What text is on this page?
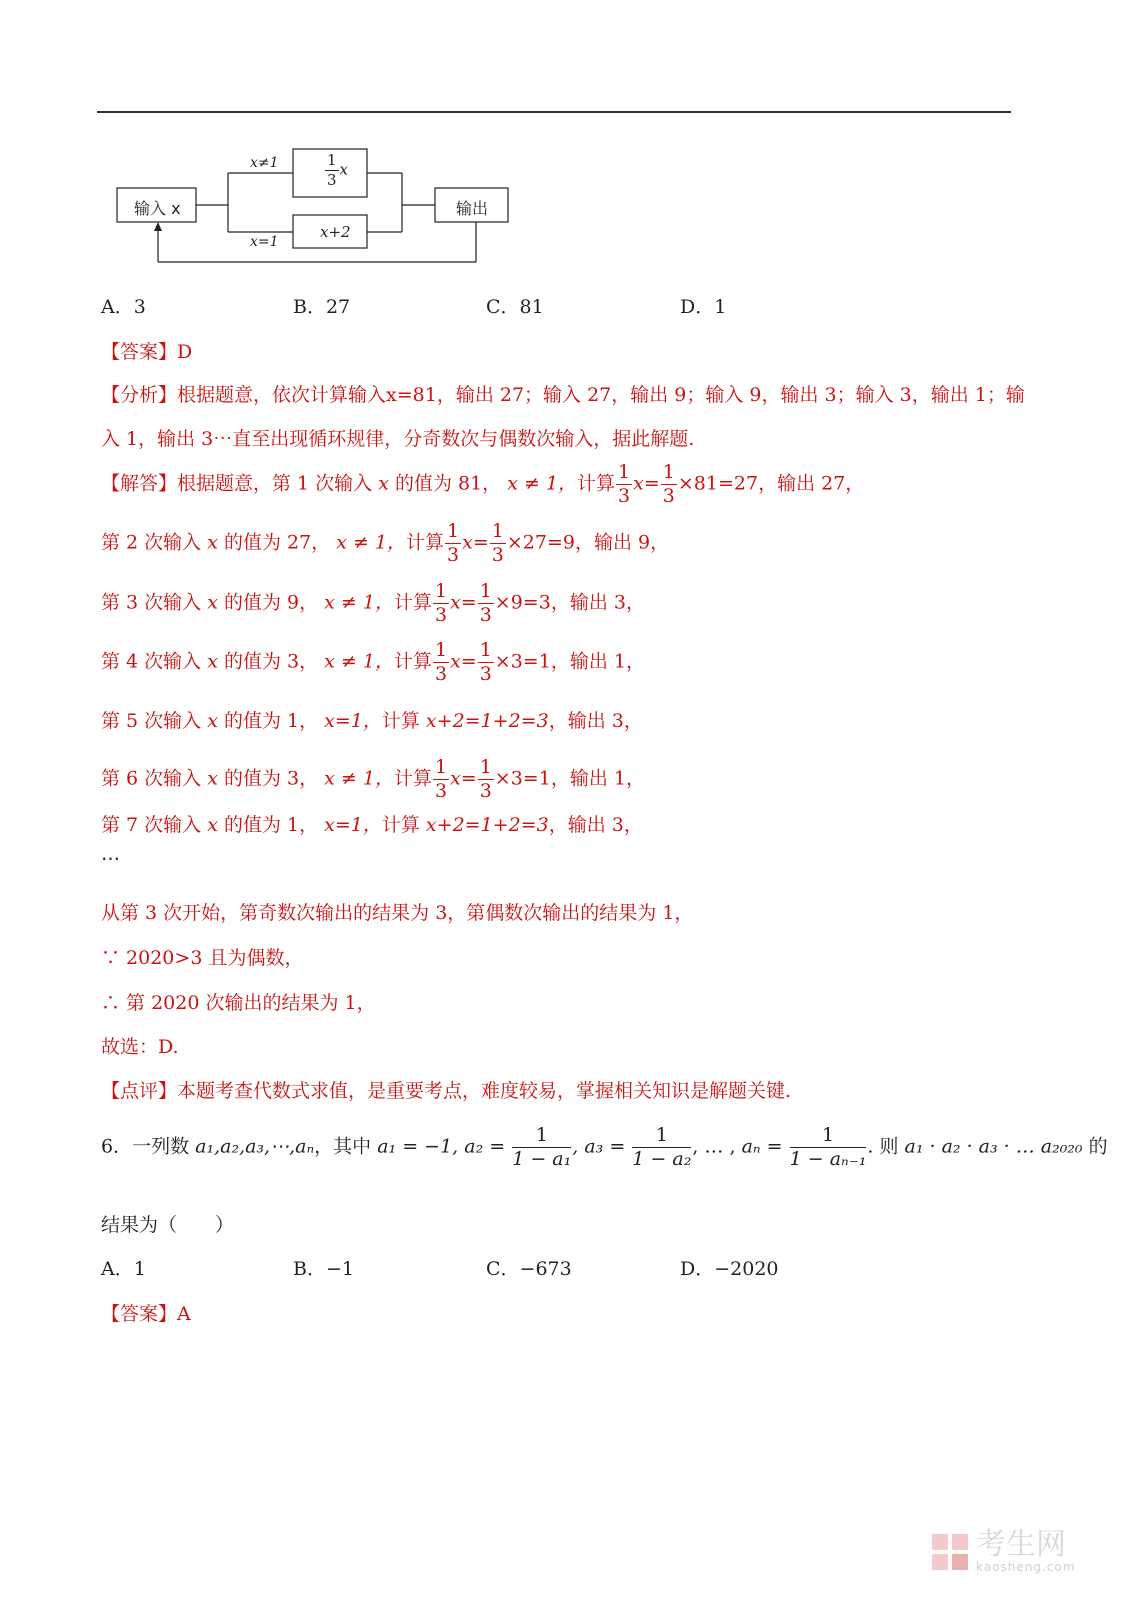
输入 x	输出
x≠1
x=1
$\frac{1}{3}$ x
x+2
A．3	B．27	C．81	D．1
【答案】D
【分析】根据题意，依次计算输入x=81，输出 27；输入 27，输出 9；输入 9，输出 3；输入 3，输出 1；输
入 1，输出 3⋯直至出现循环规律，分奇数次与偶数次输入，据此解题.
【解答】根据题意，第 1 次输入 x 的值为 81， x ≠ 1，计算 $\frac{1}{3} x= \frac{1}{3} \times 81=27$，输出 27，
第 2 次输入 x 的值为 27， x ≠ 1，计算 $\frac{1}{3} x= \frac{1}{3} \times 27=9$，输出 9，
第 3 次输入 x 的值为 9， x ≠ 1，计算 $\frac{1}{3} x= \frac{1}{3} \times 9=3$，输出 3，
第 4 次输入 x 的值为 3， x ≠ 1，计算 $\frac{1}{3} x= \frac{1}{3} \times 3=1$，输出 1，
第 5 次输入 x 的值为 1， x=1，计算 x+2=1+2=3，输出 3，
第 6 次输入 x 的值为 3， x ≠ 1，计算 $\frac{1}{3} x= \frac{1}{3} \times 3=1$，输出 1，
第 7 次输入 x 的值为 1， x=1，计算 x+2=1+2=3，输出 3，
⋯
从第 3 次开始，第奇数次输出的结果为 3，第偶数次输出的结果为 1，
∵ 2020>3 且为偶数，
∴ 第 2020 次输出的结果为 1，
故选：D.
【点评】本题考查代数式求值，是重要考点，难度较易，掌握相关知识是解题关键.
6．一列数 a₁,a₂,a₃,⋯,aₙ，其中 a₁ = −1, $a_2 = \frac{1}{\text{1 − a₁}}$ , $a_3 = \frac{1}{\text{1 − a₂}}$ , … , $a_n = \frac{1}{\text{1 − aₙ₋₁}}$ . 则 a₁ · a₂ · a₃ · … a₂₀₂₀ 的
结果为（　　）
A．1	B．−1	C．−673	D．−2020
【答案】A

考生网
kaosheng.com
